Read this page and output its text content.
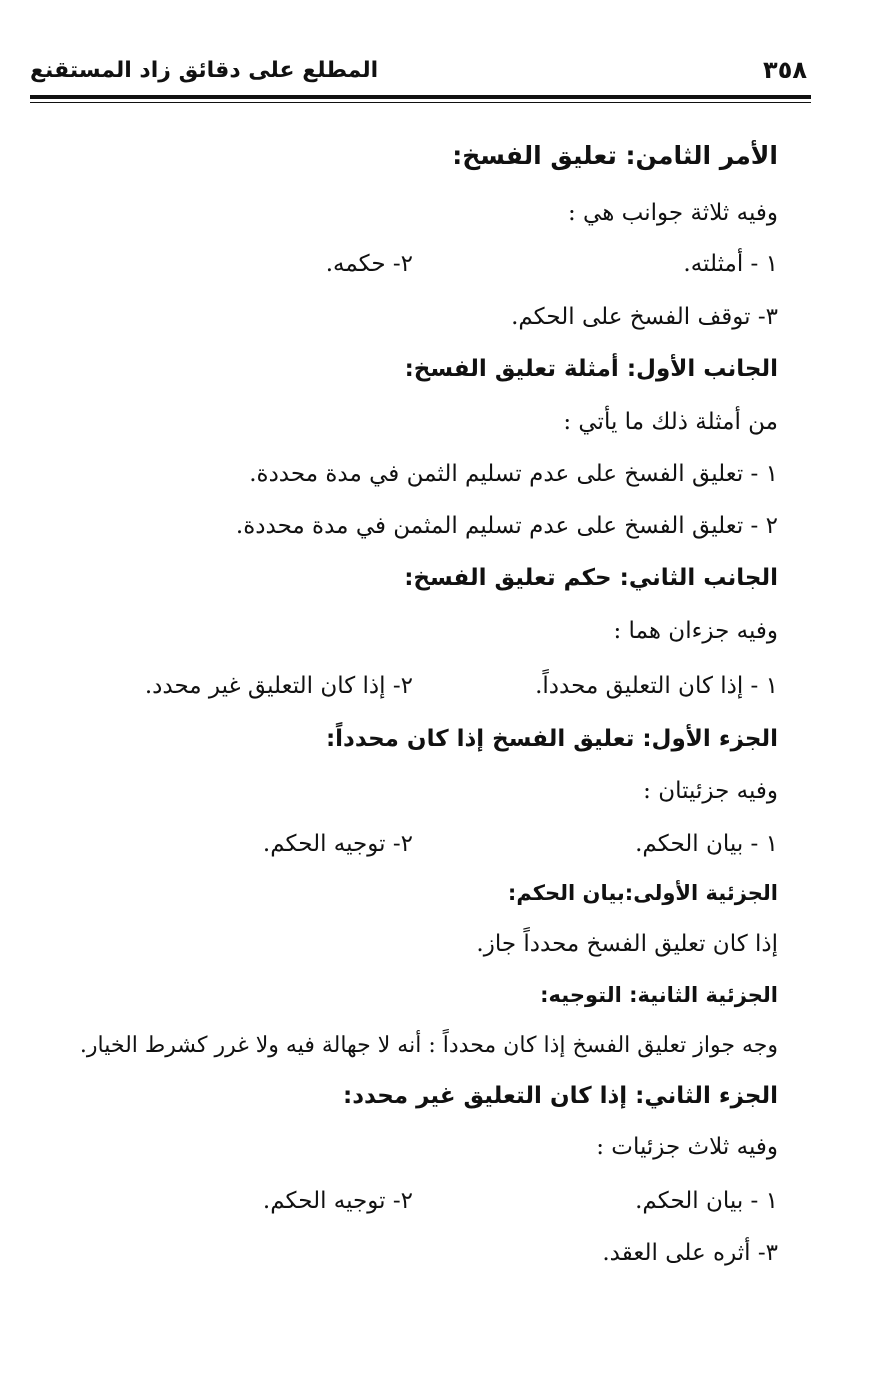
المطلع على دقائق زاد المستقنع	٣٥٨
الأمر الثامن: تعليق الفسخ:
وفيه ثلاثة جوانب هي :
١ - أمثلته.
٢- حكمه.
٣- توقف الفسخ على الحكم.
الجانب الأول: أمثلة تعليق الفسخ:
من أمثلة ذلك ما يأتي :
١ - تعليق الفسخ على عدم تسليم الثمن في مدة محددة.
٢ - تعليق الفسخ على عدم تسليم المثمن في مدة محددة.
الجانب الثاني: حكم تعليق الفسخ:
وفيه جزءان هما :
١ - إذا كان التعليق محدداً.
٢- إذا كان التعليق غير محدد.
الجزء الأول: تعليق الفسخ إذا كان محدداً:
وفيه جزئيتان :
١ - بيان الحكم.
٢- توجيه الحكم.
الجزئية الأولى:بيان الحكم:
إذا كان تعليق الفسخ محدداً جاز.
الجزئية الثانية: التوجيه:
وجه جواز تعليق الفسخ إذا كان محدداً : أنه لا جهالة فيه ولا غرر كشرط الخيار.
الجزء الثاني: إذا كان التعليق غير محدد:
وفيه ثلاث جزئيات :
١ - بيان الحكم.
٢- توجيه الحكم.
٣- أثره على العقد.
